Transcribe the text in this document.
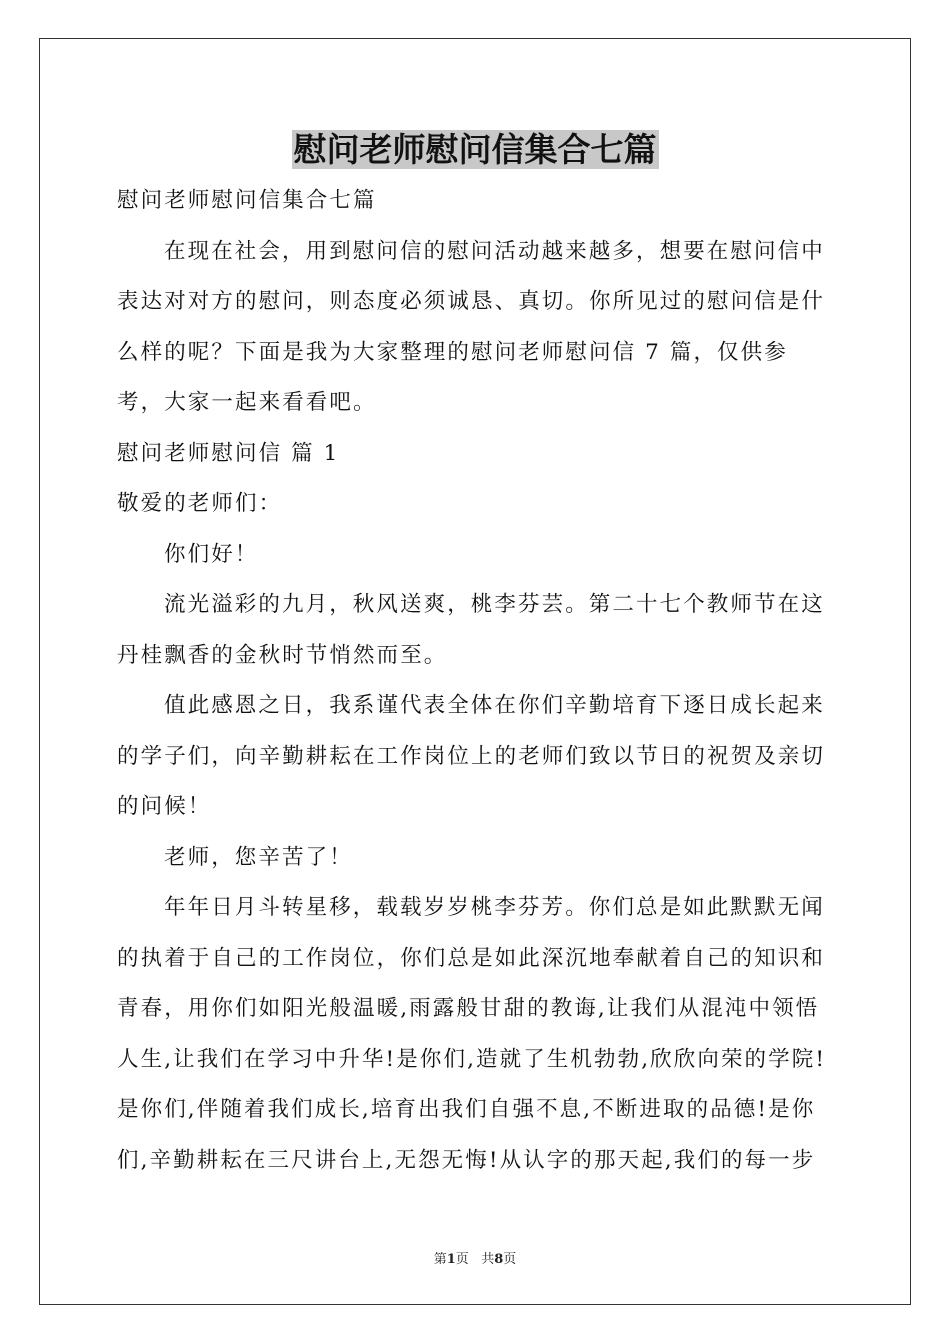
慰问老师慰问信集合七篇

慰问老师慰问信集合七篇

在现在社会，用到慰问信的慰问活动越来越多，想要在慰问信中表达对对方的慰问，则态度必须诚恳、真切。你所见过的慰问信是什么样的呢？下面是我为大家整理的慰问老师慰问信 7 篇，仅供参考，大家一起来看看吧。

慰问老师慰问信 篇 1

敬爱的老师们：

你们好！

流光溢彩的九月，秋风送爽，桃李芬芸。第二十七个教师节在这丹桂飘香的金秋时节悄然而至。

值此感恩之日，我系谨代表全体在你们辛勤培育下逐日成长起来的学子们，向辛勤耕耘在工作岗位上的老师们致以节日的祝贺及亲切的问候！

老师，您辛苦了！

年年日月斗转星移，载载岁岁桃李芬芳。你们总是如此默默无闻的执着于自己的工作岗位，你们总是如此深沉地奉献着自己的知识和青春，用你们如阳光般温暖,雨露般甘甜的教诲,让我们从混沌中领悟人生,让我们在学习中升华!是你们,造就了生机勃勃,欣欣向荣的学院!是你们,伴随着我们成长,培育出我们自强不息,不断进取的品德!是你们,辛勤耕耘在三尺讲台上,无怨无悔!从认字的那天起,我们的每一步

第1页   共8页
